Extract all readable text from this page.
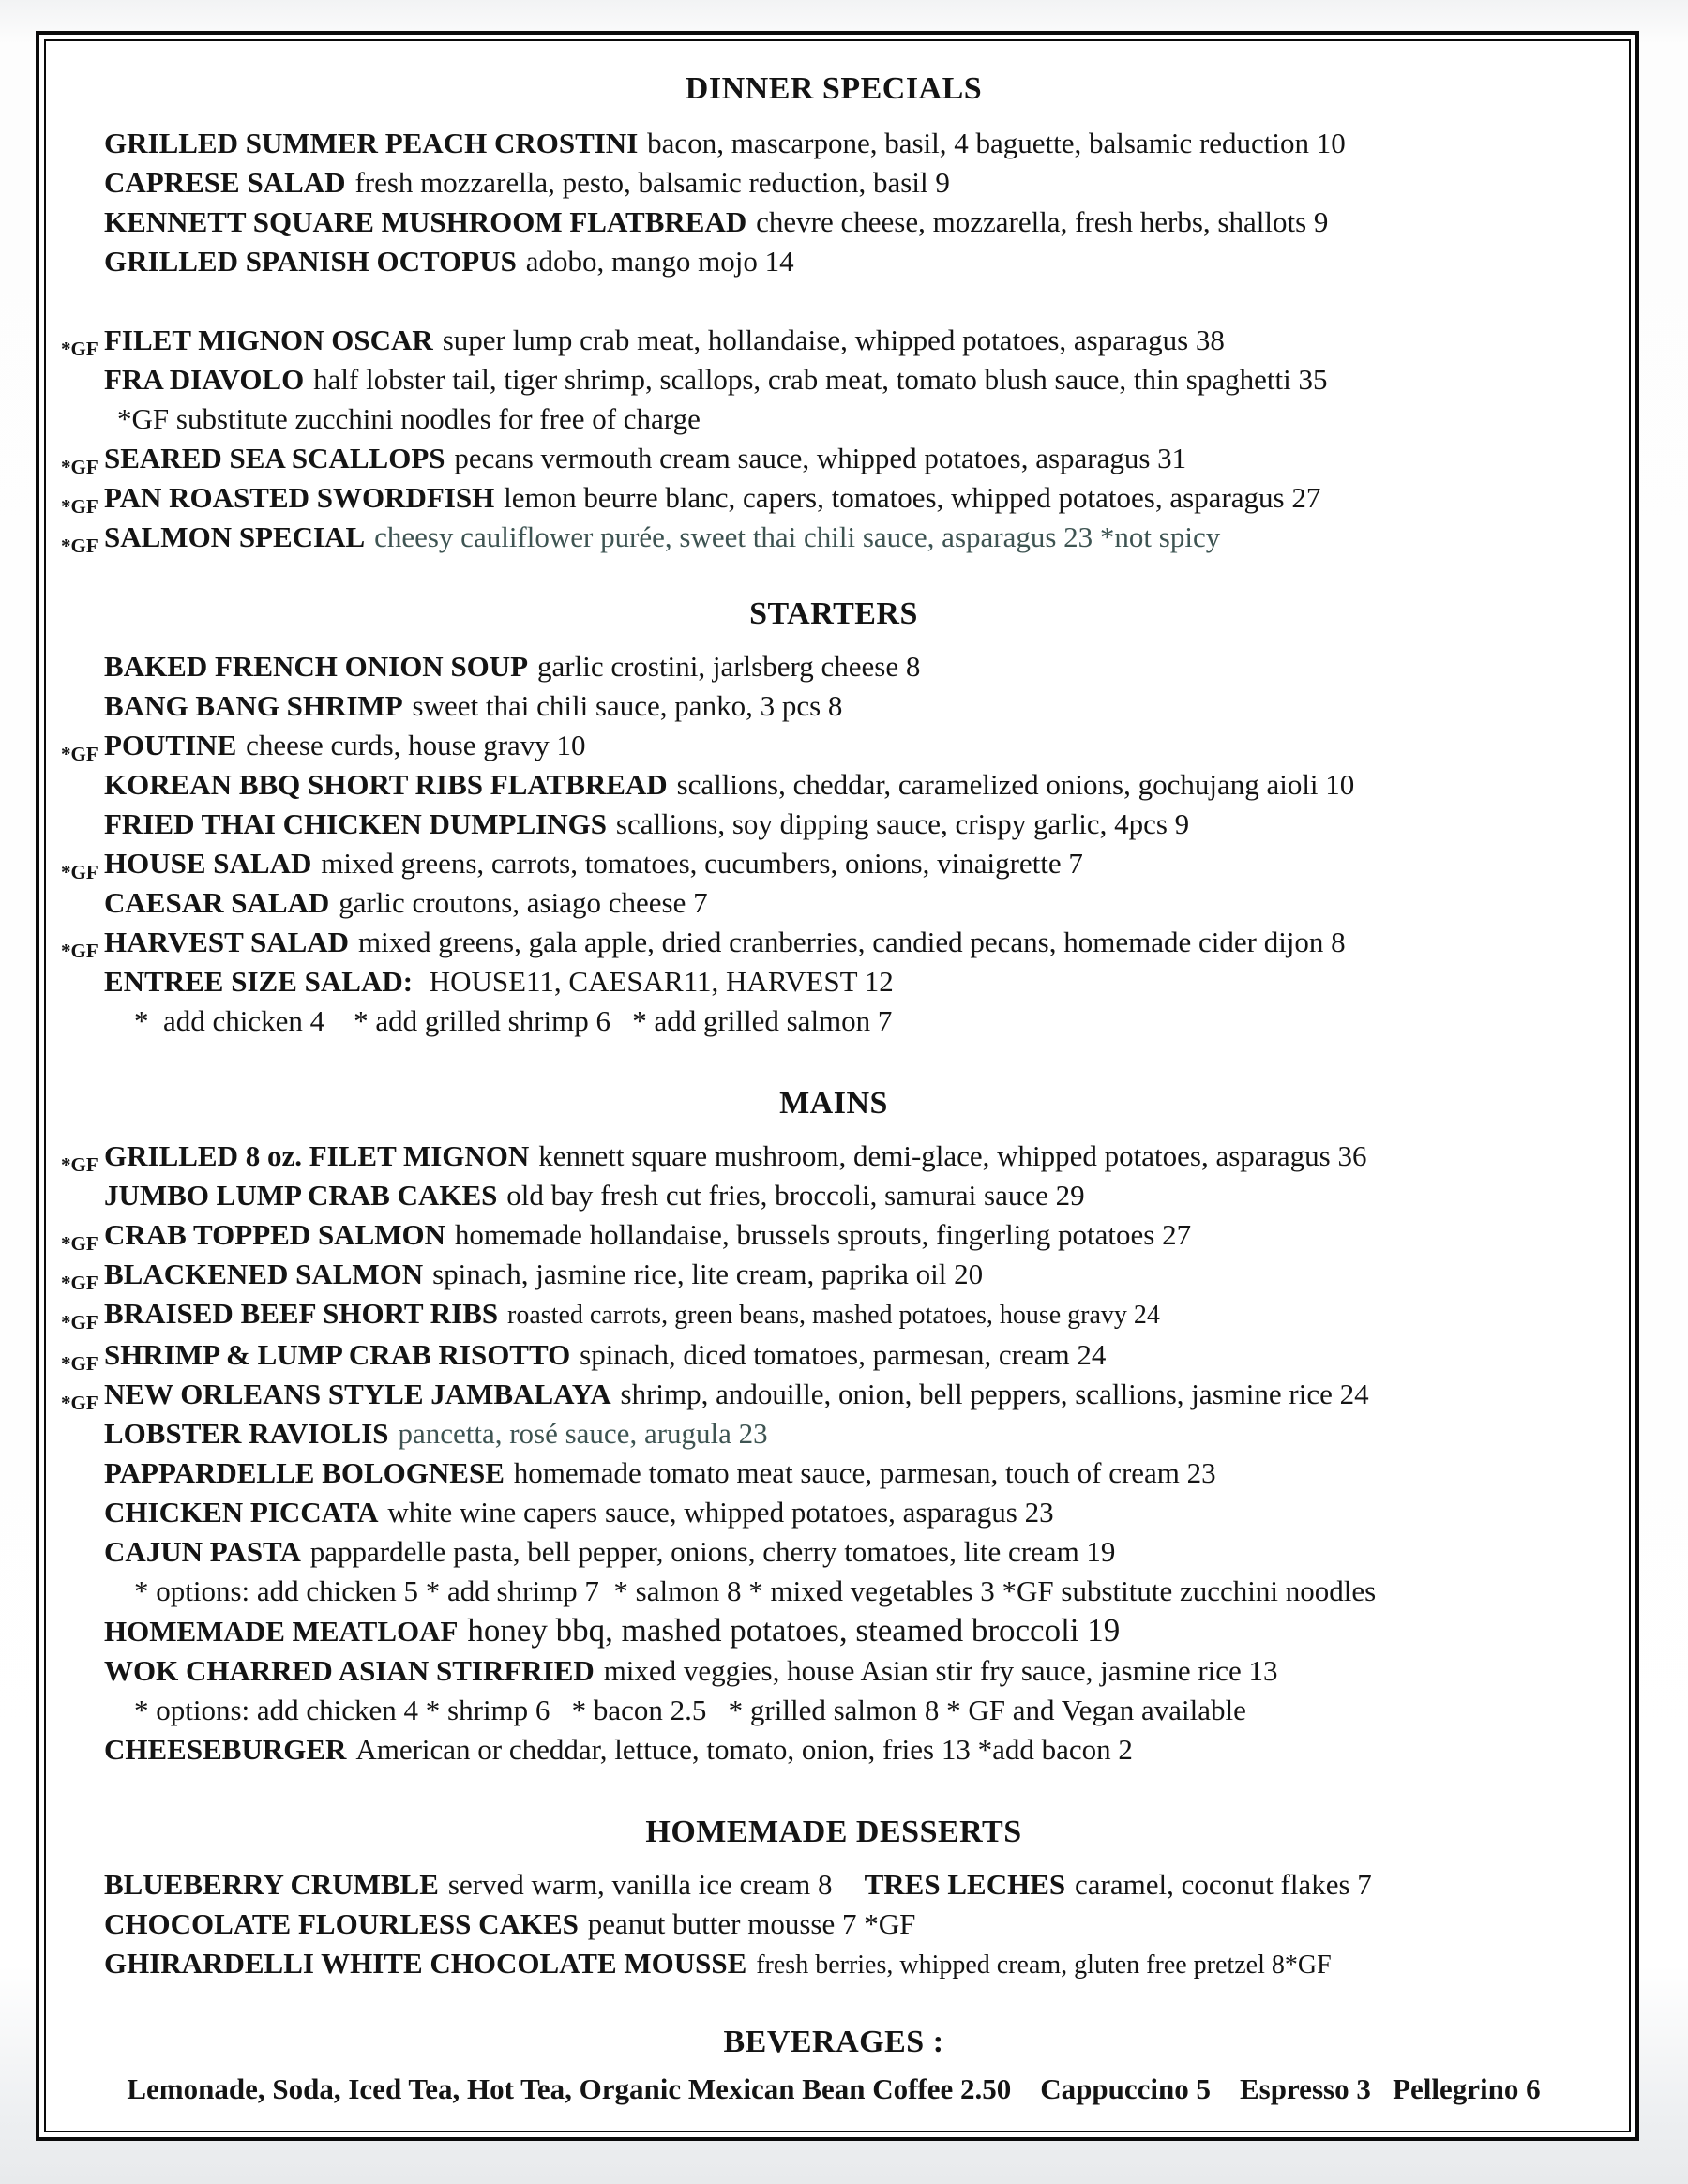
DINNER SPECIALS
GRILLED SUMMER PEACH CROSTINI bacon, mascarpone, basil, 4 baguette, balsamic reduction 10
CAPRESE SALAD fresh mozzarella, pesto, balsamic reduction, basil 9
KENNETT SQUARE MUSHROOM FLATBREAD chevre cheese, mozzarella, fresh herbs, shallots 9
GRILLED SPANISH OCTOPUS adobo, mango mojo 14
*GF FILET MIGNON OSCAR super lump crab meat, hollandaise, whipped potatoes, asparagus 38
FRA DIAVOLO half lobster tail, tiger shrimp, scallops, crab meat, tomato blush sauce, thin spaghetti 35
*GF substitute zucchini noodles for free of charge
*GF SEARED SEA SCALLOPS pecans vermouth cream sauce, whipped potatoes, asparagus 31
*GF PAN ROASTED SWORDFISH lemon beurre blanc, capers, tomatoes, whipped potatoes, asparagus 27
*GF SALMON SPECIAL cheesy cauliflower purée, sweet thai chili sauce, asparagus 23 *not spicy
STARTERS
BAKED FRENCH ONION SOUP garlic crostini, jarlsberg cheese 8
BANG BANG SHRIMP sweet thai chili sauce, panko, 3 pcs 8
*GF POUTINE cheese curds, house gravy 10
KOREAN BBQ SHORT RIBS FLATBREAD scallions, cheddar, caramelized onions, gochujang aioli 10
FRIED THAI CHICKEN DUMPLINGS scallions, soy dipping sauce, crispy garlic, 4pcs 9
*GF HOUSE SALAD mixed greens, carrots, tomatoes, cucumbers, onions, vinaigrette 7
CAESAR SALAD garlic croutons, asiago cheese 7
*GF HARVEST SALAD mixed greens, gala apple, dried cranberries, candied pecans, homemade cider dijon 8
ENTREE SIZE SALAD: HOUSE11, CAESAR11, HARVEST 12
*  add chicken 4    * add grilled shrimp 6   * add grilled salmon 7
MAINS
*GF GRILLED 8 oz. FILET MIGNON kennett square mushroom, demi-glace, whipped potatoes, asparagus 36
JUMBO LUMP CRAB CAKES old bay fresh cut fries, broccoli, samurai sauce 29
*GF CRAB TOPPED SALMON homemade hollandaise, brussels sprouts, fingerling potatoes 27
*GF BLACKENED SALMON spinach, jasmine rice, lite cream, paprika oil 20
*GF BRAISED BEEF SHORT RIBS roasted carrots, green beans, mashed potatoes, house gravy 24
*GF SHRIMP & LUMP CRAB RISOTTO spinach, diced tomatoes, parmesan, cream 24
*GF NEW ORLEANS STYLE JAMBALAYA shrimp, andouille, onion, bell peppers, scallions, jasmine rice 24
LOBSTER RAVIOLIS pancetta, rosé sauce, arugula 23
PAPPARDELLE BOLOGNESE homemade tomato meat sauce, parmesan, touch of cream 23
CHICKEN PICCATA white wine capers sauce, whipped potatoes, asparagus 23
CAJUN PASTA pappardelle pasta, bell pepper, onions, cherry tomatoes, lite cream 19
* options: add chicken 5 * add shrimp 7  * salmon 8 * mixed vegetables 3 *GF substitute zucchini noodles
HOMEMADE MEATLOAF honey bbq, mashed potatoes, steamed broccoli 19
WOK CHARRED ASIAN STIRFRIED mixed veggies, house Asian stir fry sauce, jasmine rice 13
* options: add chicken 4 * shrimp 6   * bacon 2.5   * grilled salmon 8 * GF and Vegan available
CHEESEBURGER American or cheddar, lettuce, tomato, onion, fries 13 *add bacon 2
HOMEMADE DESSERTS
BLUEBERRY CRUMBLE served warm, vanilla ice cream 8 TRES LECHES caramel, coconut flakes 7
CHOCOLATE FLOURLESS CAKES peanut butter mousse 7 *GF
GHIRARDELLI WHITE CHOCOLATE MOUSSE fresh berries, whipped cream, gluten free pretzel 8*GF
BEVERAGES :
Lemonade, Soda, Iced Tea, Hot Tea, Organic Mexican Bean Coffee 2.50    Cappuccino 5    Espresso 3   Pellegrino 6
